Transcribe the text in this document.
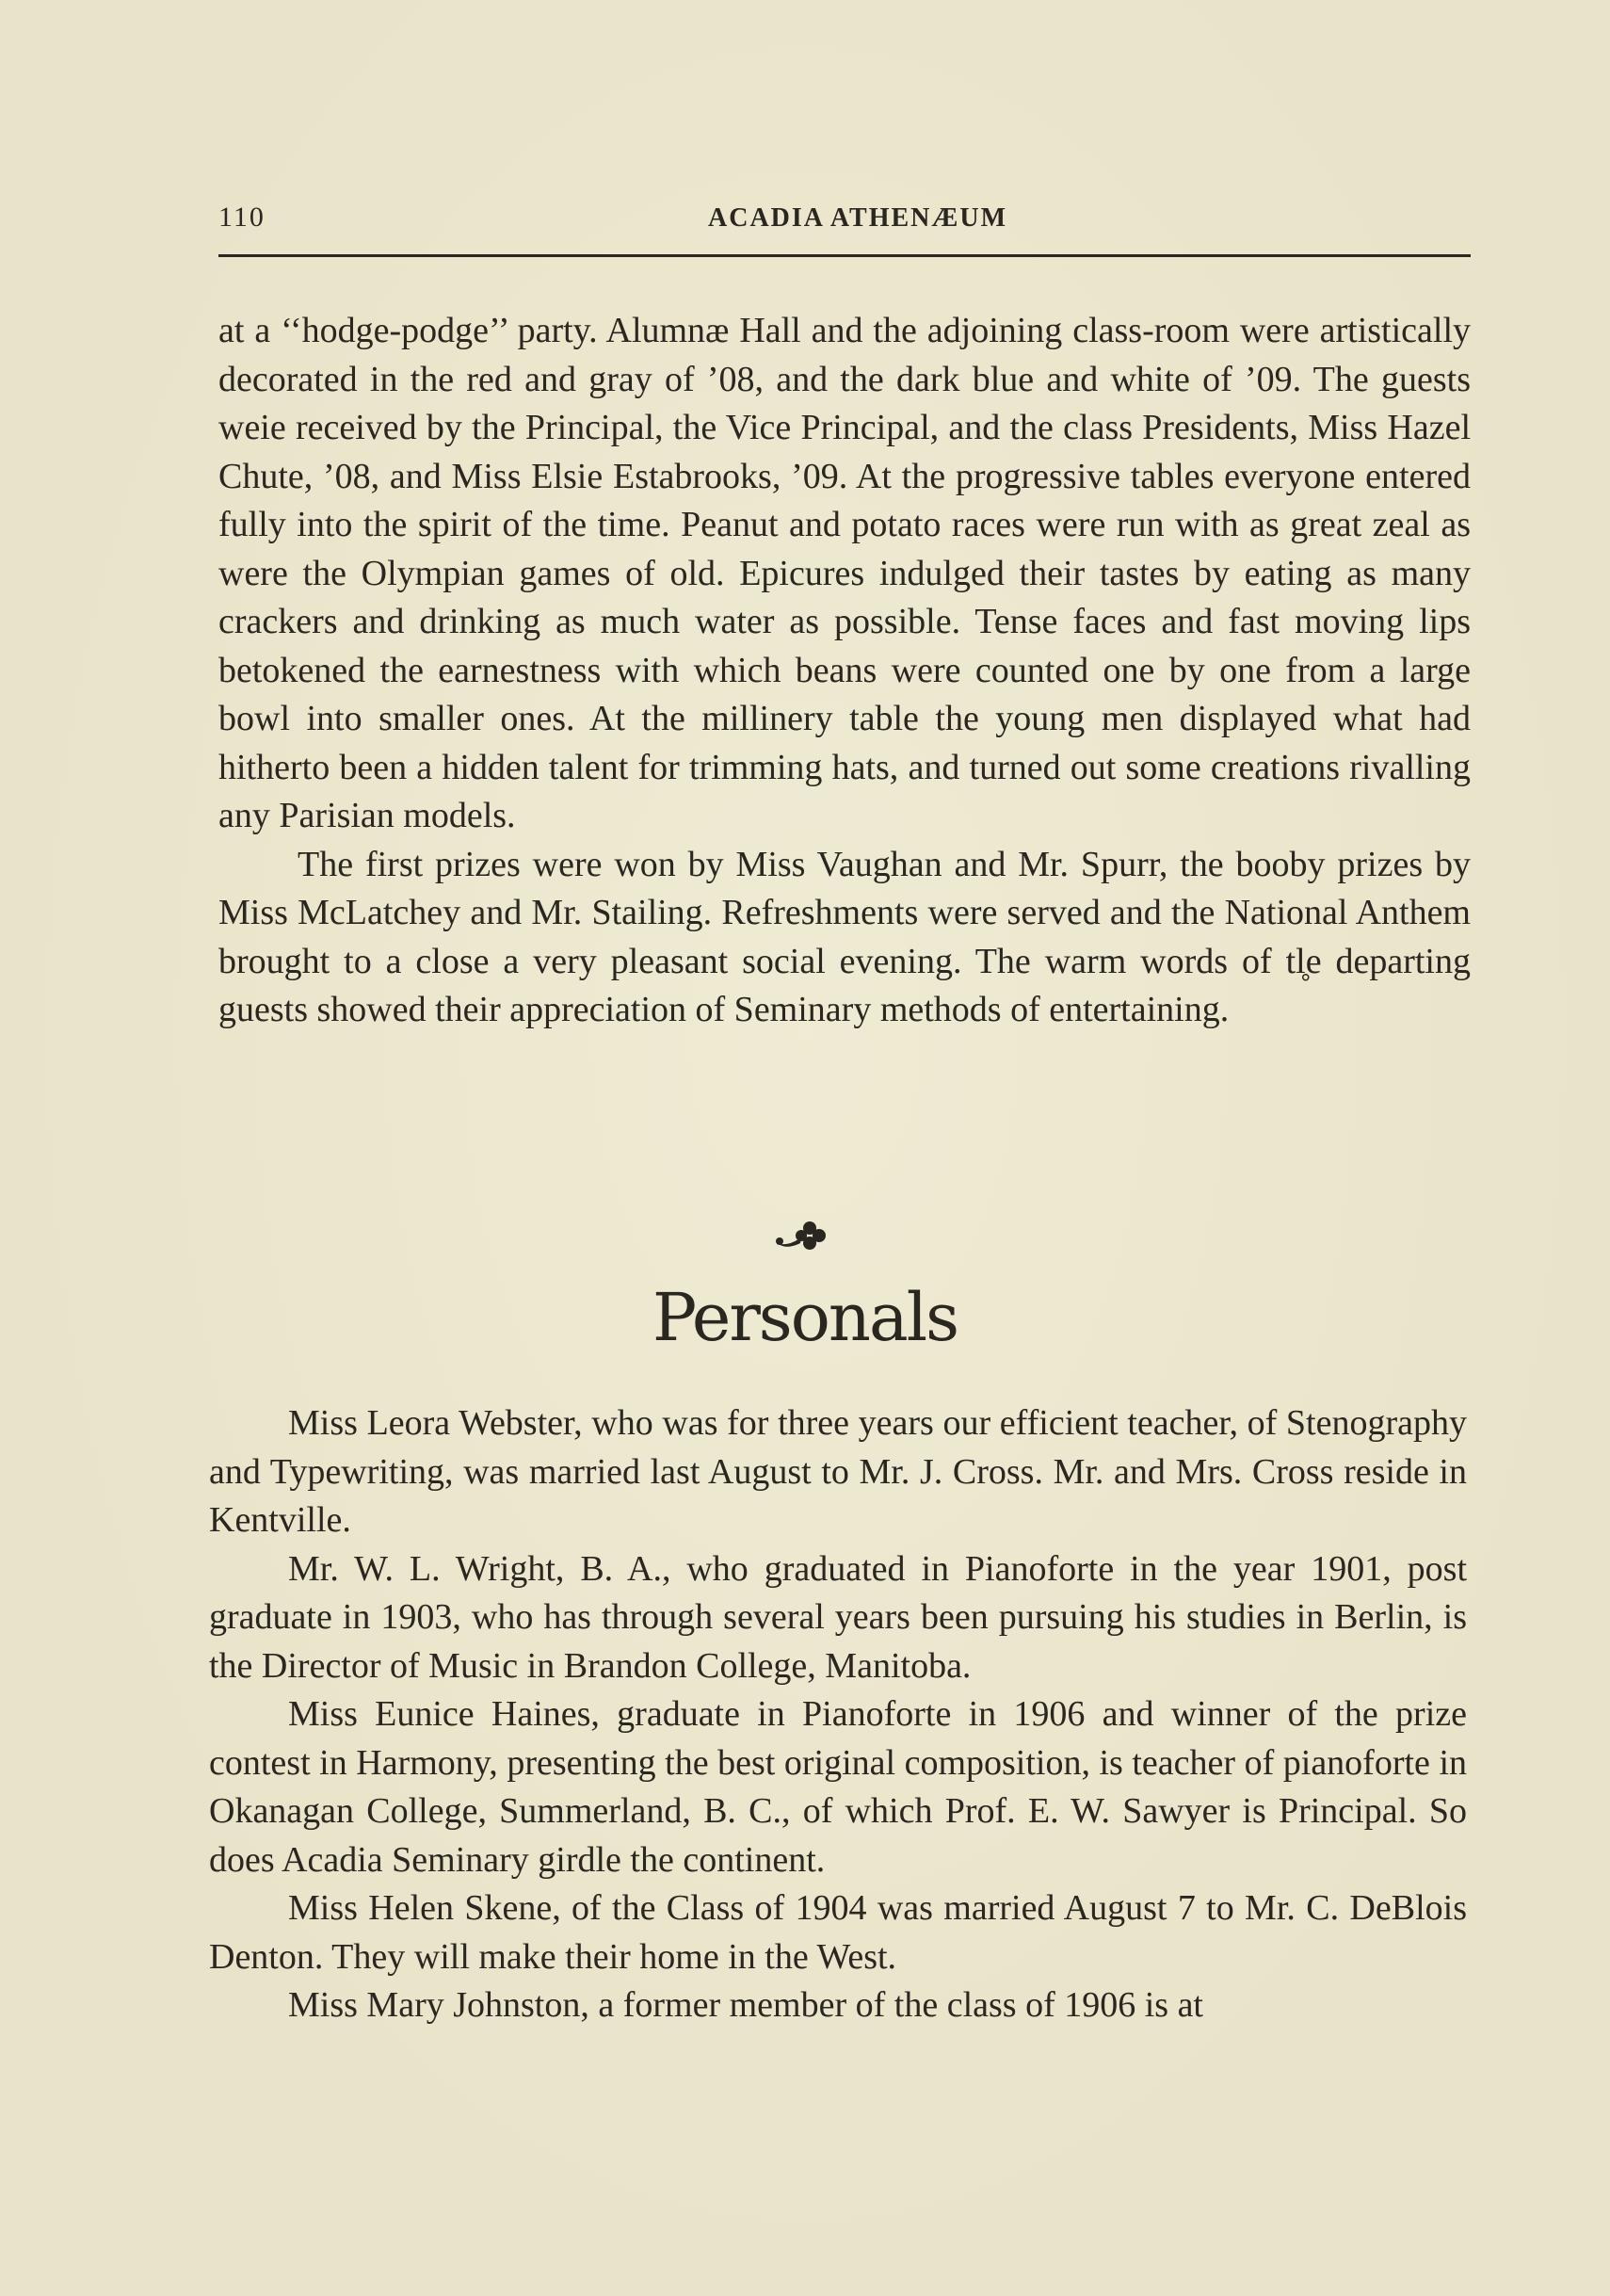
110	ACADIA ATHENÆUM

at a ‘‘hodge-podge’’ party. Alumnæ Hall and the adjoining class-room were artistically decorated in the red and gray of ’08, and the dark blue and white of ’09. The guests weie received by the Principal, the Vice Principal, and the class Presidents, Miss Hazel Chute, ’08, and Miss Elsie Estabrooks, ’09. At the progressive tables everyone entered fully into the spirit of the time. Peanut and potato races were run with as great zeal as were the Olympian games of old. Epicures indulged their tastes by eating as many crackers and drinking as much water as possible. Tense faces and fast moving lips betokened the earnestness with which beans were counted one by one from a large bowl into smaller ones. At the millinery table the young men displayed what had hitherto been a hidden talent for trimming hats, and turned out some creations rivalling any Parisian models.

The first prizes were won by Miss Vaughan and Mr. Spurr, the booby prizes by Miss McLatchey and Mr. Stailing. Refreshments were served and the National Anthem brought to a close a very pleasant social evening. The warm words of tl̥e departing guests showed their appreciation of Seminary methods of entertaining.

Personals

Miss Leora Webster, who was for three years our efficient teacher, of Stenography and Typewriting, was married last August to Mr. J. Cross. Mr. and Mrs. Cross reside in Kentville.

Mr. W. L. Wright, B. A., who graduated in Pianoforte in the year 1901, post graduate in 1903, who has through several years been pursuing his studies in Berlin, is the Director of Music in Brandon College, Manitoba.

Miss Eunice Haines, graduate in Pianoforte in 1906 and winner of the prize contest in Harmony, presenting the best original composition, is teacher of pianoforte in Okanagan College, Summerland, B. C., of which Prof. E. W. Sawyer is Principal. So does Acadia Seminary girdle the continent.

Miss Helen Skene, of the Class of 1904 was married August 7 to Mr. C. DeBlois Denton. They will make their home in the West.

Miss Mary Johnston, a former member of the class of 1906 is at
